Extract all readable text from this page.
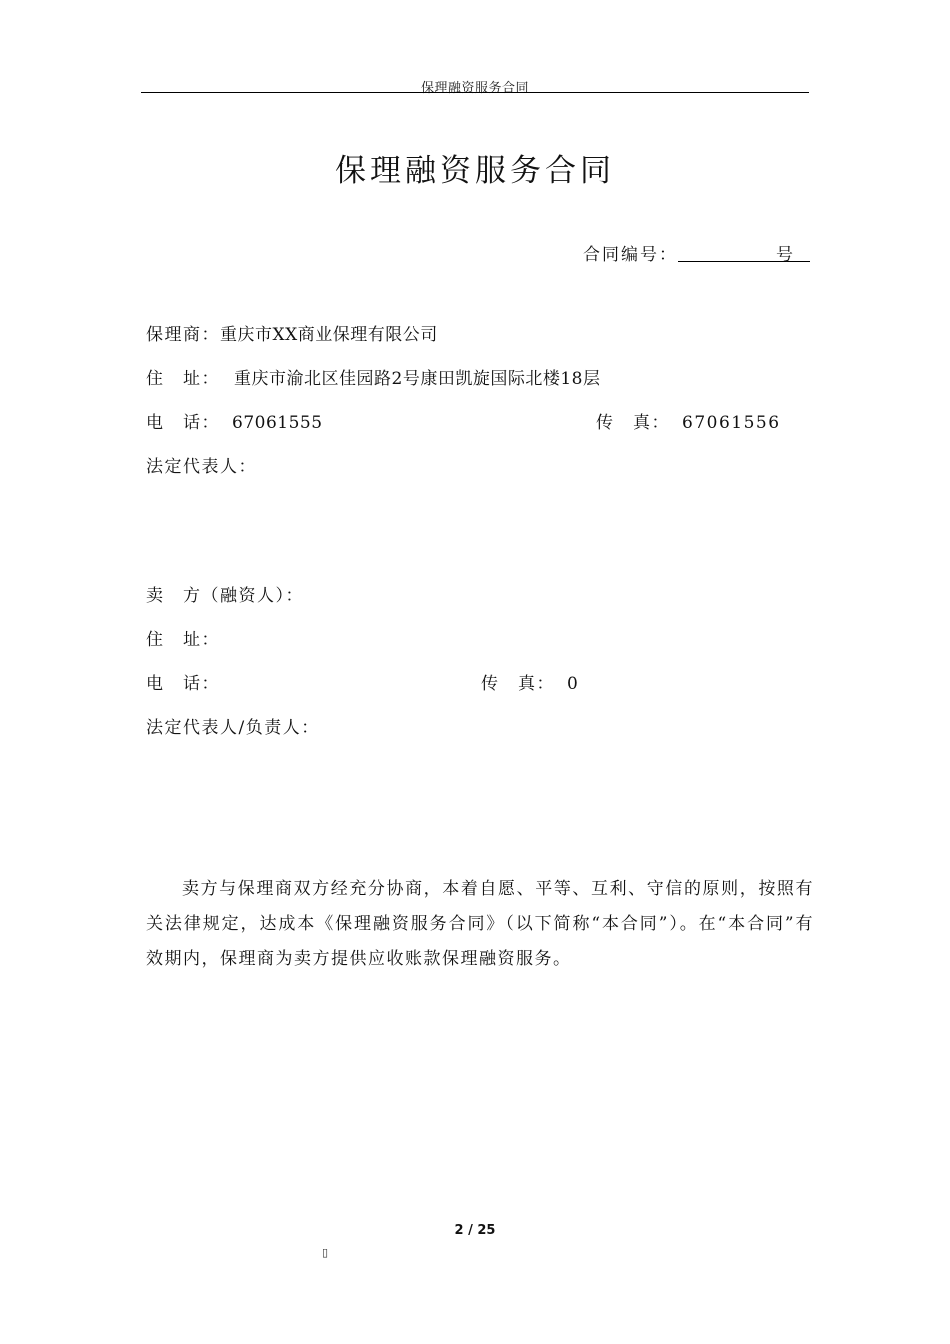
保理融资服务合同
保理融资服务合同
合同编号：	号
保理商：重庆市XX商业保理有限公司
住　址： 重庆市渝北区佳园路2号康田凯旋国际北楼18层
电　话： 67061555	传　真： 67061556
法定代表人：
卖　方（融资人）：
住　址：
电　话：	传　真： 0
法定代表人/负责人：
卖方与保理商双方经充分协商，本着自愿、平等、互利、守信的原则，按照有关法律规定，达成本《保理融资服务合同》（以下简称“本合同”）。在“本合同”有效期内，保理商为卖方提供应收账款保理融资服务。
2 / 25
▯
